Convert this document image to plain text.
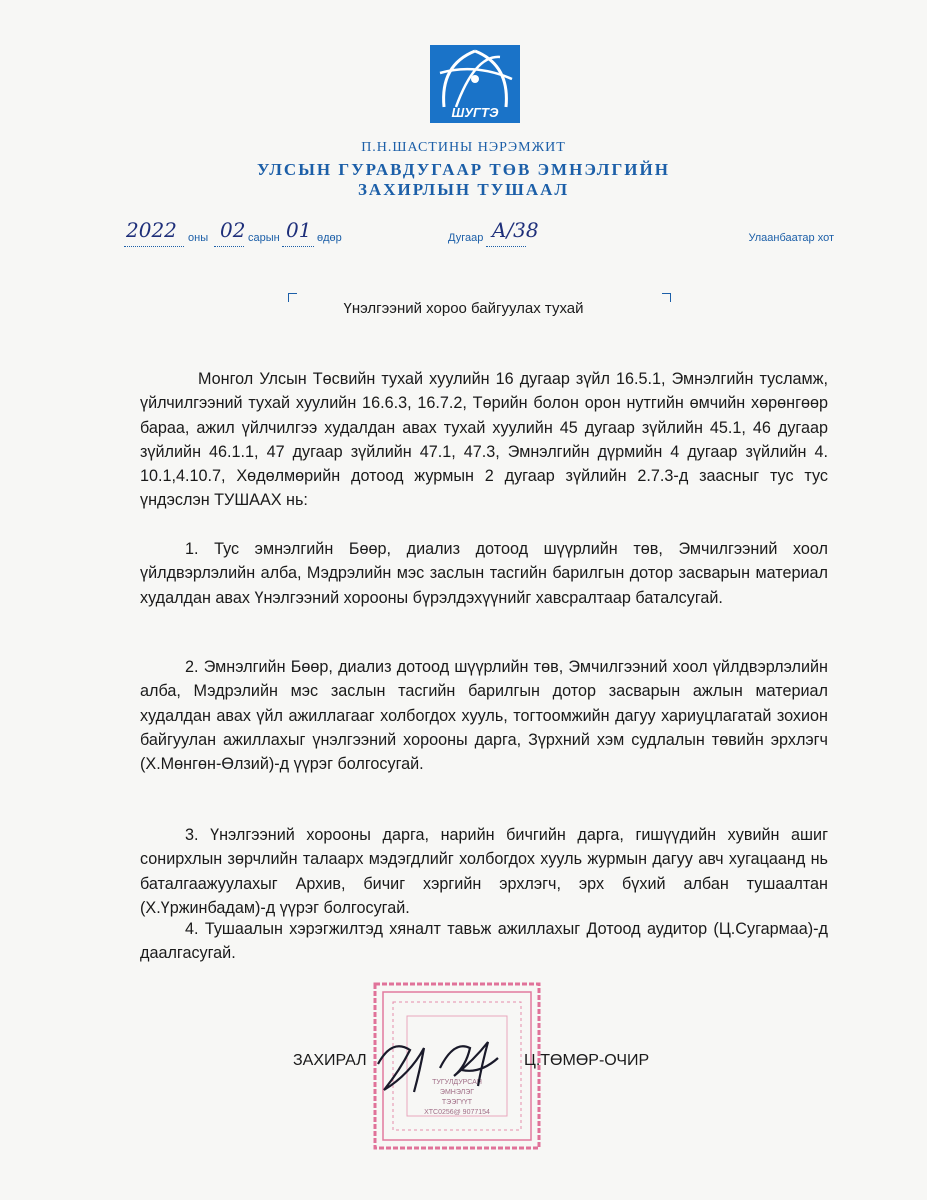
ШУГТЭ
П.Н.ШАСТИНЫ НЭРЭМЖИТ
УЛСЫН ГУРАВДУГААР ТӨВ ЭМНЭЛГИЙН
ЗАХИРЛЫН ТУШААЛ
2022 оны 02 сарын 01 өдөр	Дугаар A/38	Улаанбаатар хот
Үнэлгээний хороо байгуулах тухай
Монгол Улсын Төсвийн тухай хуулийн 16 дугаар зүйл 16.5.1, Эмнэлгийн тусламж, үйлчилгээний тухай хуулийн 16.6.3, 16.7.2, Төрийн болон орон нутгийн өмчийн хөрөнгөөр бараа, ажил үйлчилгээ худалдан авах тухай хуулийн 45 дугаар зүйлийн 45.1, 46 дугаар зүйлийн 46.1.1, 47 дугаар зүйлийн 47.1, 47.3, Эмнэлгийн дүрмийн 4 дугаар зүйлийн 4. 10.1,4.10.7, Хөдөлмөрийн дотоод журмын 2 дугаар зүйлийн 2.7.3-д заасныг тус тус үндэслэн ТУШААХ нь:
1. Тус эмнэлгийн Бөөр, диализ дотоод шүүрлийн төв, Эмчилгээний хоол үйлдвэрлэлийн алба, Мэдрэлийн мэс заслын тасгийн барилгын дотор засварын материал худалдан авах Үнэлгээний хорооны бүрэлдэхүүнийг хавсралтаар баталсугай.
2. Эмнэлгийн Бөөр, диализ дотоод шүүрлийн төв, Эмчилгээний хоол үйлдвэрлэлийн алба, Мэдрэлийн мэс заслын тасгийн барилгын дотор засварын ажлын материал худалдан авах үйл ажиллагааг холбогдох хууль, тогтоомжийн дагуу хариуцлагатай зохион байгуулан ажиллахыг үнэлгээний хорооны дарга, Зүрхний хэм судлалын төвийн эрхлэгч (Х.Мөнгөн-Өлзий)-д үүрэг болгосугай.
3. Үнэлгээний хорооны дарга, нарийн бичгийн дарга, гишүүдийн хувийн ашиг сонирхлын зөрчлийн талаарх мэдэгдлийг холбогдох хууль журмын дагуу авч хугацаанд нь баталгаажуулахыг Архив, бичиг хэргийн эрхлэгч, эрх бүхий албан тушаалтан (Х.Үржинбадам)-д үүрэг болгосугай.
4. Тушаалын хэрэгжилтэд хяналт тавьж ажиллахыг Дотоод аудитор (Ц.Сугармаа)-д даалгасугай.
ТУГУЛДУРСАН
ЭМНЭЛЭГ
ТЭЭГҮҮТ
ХТС0256@ 9077154
ЗАХИРАЛ	Ц.ТӨМӨР-ОЧИР
